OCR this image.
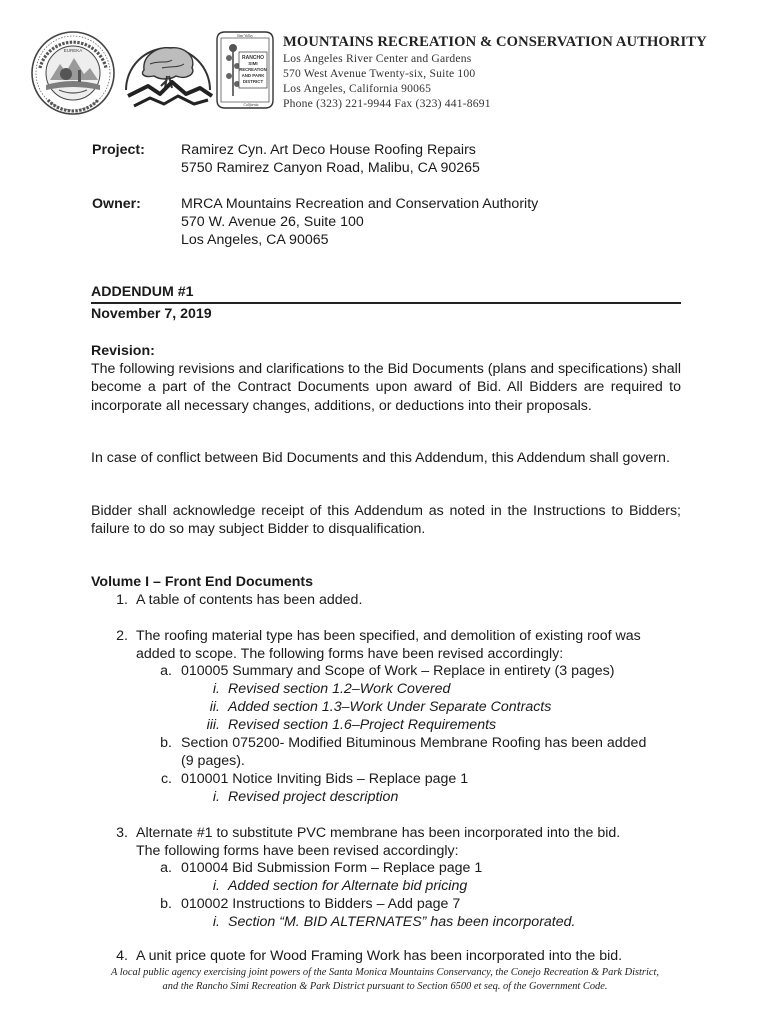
EUREKA
RANCHO
SIMI
RECREATION
AND PARK
DISTRICT
Simi Valley
California
MOUNTAINS RECREATION & CONSERVATION AUTHORITY
Los Angeles River Center and Gardens
570 West Avenue Twenty-six, Suite 100
Los Angeles, California 90065
Phone (323) 221-9944 Fax (323) 441-8691
Project:	Ramirez Cyn. Art Deco House Roofing Repairs
5750 Ramirez Canyon Road, Malibu, CA 90265
Owner:	MRCA Mountains Recreation and Conservation Authority
570 W. Avenue 26, Suite 100
Los Angeles, CA 90065
ADDENDUM #1
November 7, 2019
Revision:
The following revisions and clarifications to the Bid Documents (plans and specifications) shall become a part of the Contract Documents upon award of Bid. All Bidders are required to incorporate all necessary changes, additions, or deductions into their proposals.
In case of conflict between Bid Documents and this Addendum, this Addendum shall govern.
Bidder shall acknowledge receipt of this Addendum as noted in the Instructions to Bidders; failure to do so may subject Bidder to disqualification.
Volume I – Front End Documents
1. A table of contents has been added.
2. The roofing material type has been specified, and demolition of existing roof was
added to scope. The following forms have been revised accordingly:
a. 010005 Summary and Scope of Work – Replace in entirety (3 pages)
i. Revised section 1.2–Work Covered
ii. Added section 1.3–Work Under Separate Contracts
iii. Revised section 1.6–Project Requirements
b. Section 075200- Modified Bituminous Membrane Roofing has been added
(9 pages).
c. 010001 Notice Inviting Bids – Replace page 1
i. Revised project description
3. Alternate #1 to substitute PVC membrane has been incorporated into the bid.
The following forms have been revised accordingly:
a. 010004 Bid Submission Form – Replace page 1
i. Added section for Alternate bid pricing
b. 010002 Instructions to Bidders – Add page 7
i. Section “M. BID ALTERNATES” has been incorporated.
4. A unit price quote for Wood Framing Work has been incorporated into the bid.
A local public agency exercising joint powers of the Santa Monica Mountains Conservancy, the Conejo Recreation & Park District,
and the Rancho Simi Recreation & Park District pursuant to Section 6500 et seq. of the Government Code.
